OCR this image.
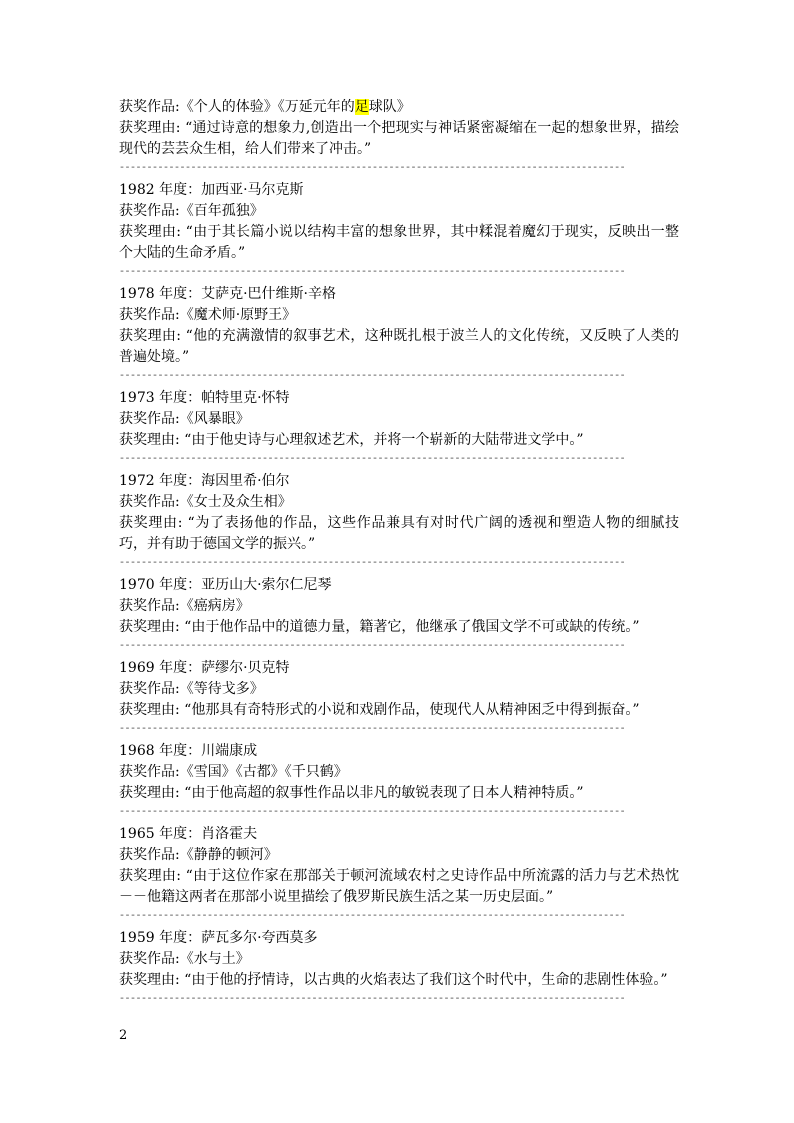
获奖作品:《个人的体验》《万延元年的足球队》
获奖理由: “通过诗意的想象力,创造出一个把现实与神话紧密凝缩在一起的想象世界，描绘现代的芸芸众生相，给人们带来了冲击。”
--------------------------------------------------------------------------------------------
1982 年度：加西亚·马尔克斯
获奖作品:《百年孤独》
获奖理由: “由于其长篇小说以结构丰富的想象世界，其中糅混着魔幻于现实，反映出一整个大陆的生命矛盾。”
--------------------------------------------------------------------------------------------
1978 年度：艾萨克·巴什维斯·辛格
获奖作品:《魔术师·原野王》
获奖理由: “他的充满激情的叙事艺术，这种既扎根于波兰人的文化传统，又反映了人类的普遍处境。”
--------------------------------------------------------------------------------------------
1973 年度：帕特里克·怀特
获奖作品:《风暴眼》
获奖理由: “由于他史诗与心理叙述艺术，并将一个崭新的大陆带进文学中。”
--------------------------------------------------------------------------------------------
1972 年度：海因里希·伯尔
获奖作品:《女士及众生相》
获奖理由: “为了表扬他的作品，这些作品兼具有对时代广阔的透视和塑造人物的细腻技巧，并有助于德国文学的振兴。”
--------------------------------------------------------------------------------------------
1970 年度：亚历山大·索尔仁尼琴
获奖作品:《癌病房》
获奖理由: “由于他作品中的道德力量，籍著它，他继承了俄国文学不可或缺的传统。”
--------------------------------------------------------------------------------------------
1969 年度：萨缪尔·贝克特
获奖作品:《等待戈多》
获奖理由: “他那具有奇特形式的小说和戏剧作品，使现代人从精神困乏中得到振奋。”
--------------------------------------------------------------------------------------------
1968 年度：川端康成
获奖作品:《雪国》《古都》《千只鹤》
获奖理由: “由于他高超的叙事性作品以非凡的敏锐表现了日本人精神特质。”
--------------------------------------------------------------------------------------------
1965 年度：肖洛霍夫
获奖作品:《静静的顿河》
获奖理由: “由于这位作家在那部关于顿河流域农村之史诗作品中所流露的活力与艺术热忱－－他籍这两者在那部小说里描绘了俄罗斯民族生活之某一历史层面。”
--------------------------------------------------------------------------------------------
1959 年度：萨瓦多尔·夸西莫多
获奖作品:《水与土》
获奖理由: “由于他的抒情诗，以古典的火焰表达了我们这个时代中，生命的悲剧性体验。”
--------------------------------------------------------------------------------------------
2
